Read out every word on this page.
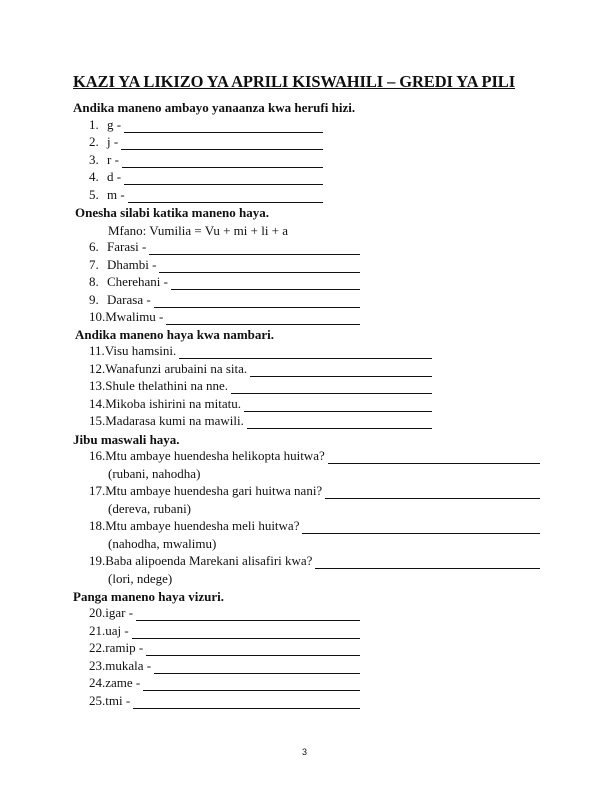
KAZI YA LIKIZO YA APRILI KISWAHILI – GREDI YA PILI
Andika maneno ambayo yanaanza kwa herufi hizi.
1. g -
2. j -
3. r -
4. d -
5. m -
Onesha silabi katika maneno haya.
Mfano: Vumilia = Vu + mi + li + a
6. Farasi -
7. Dhambi -
8. Cherehani -
9. Darasa -
10. Mwalimu -
Andika maneno haya kwa nambari.
11. Visu hamsini.
12. Wanafunzi arubaini na sita.
13. Shule thelathini na nne.
14. Mikoba ishirini na mitatu.
15. Madarasa kumi na mawili.
Jibu maswali haya.
16. Mtu ambaye huendesha helikopta huitwa?
(rubani, nahodha)
17. Mtu ambaye huendesha gari huitwa nani?
(dereva, rubani)
18. Mtu ambaye huendesha meli huitwa?
(nahodha, mwalimu)
19. Baba alipoenda Marekani alisafiri kwa?
(lori, ndege)
Panga maneno haya vizuri.
20. igar -
21. uaj -
22. ramip -
23. mukala -
24. zame -
25. tmi -
3
